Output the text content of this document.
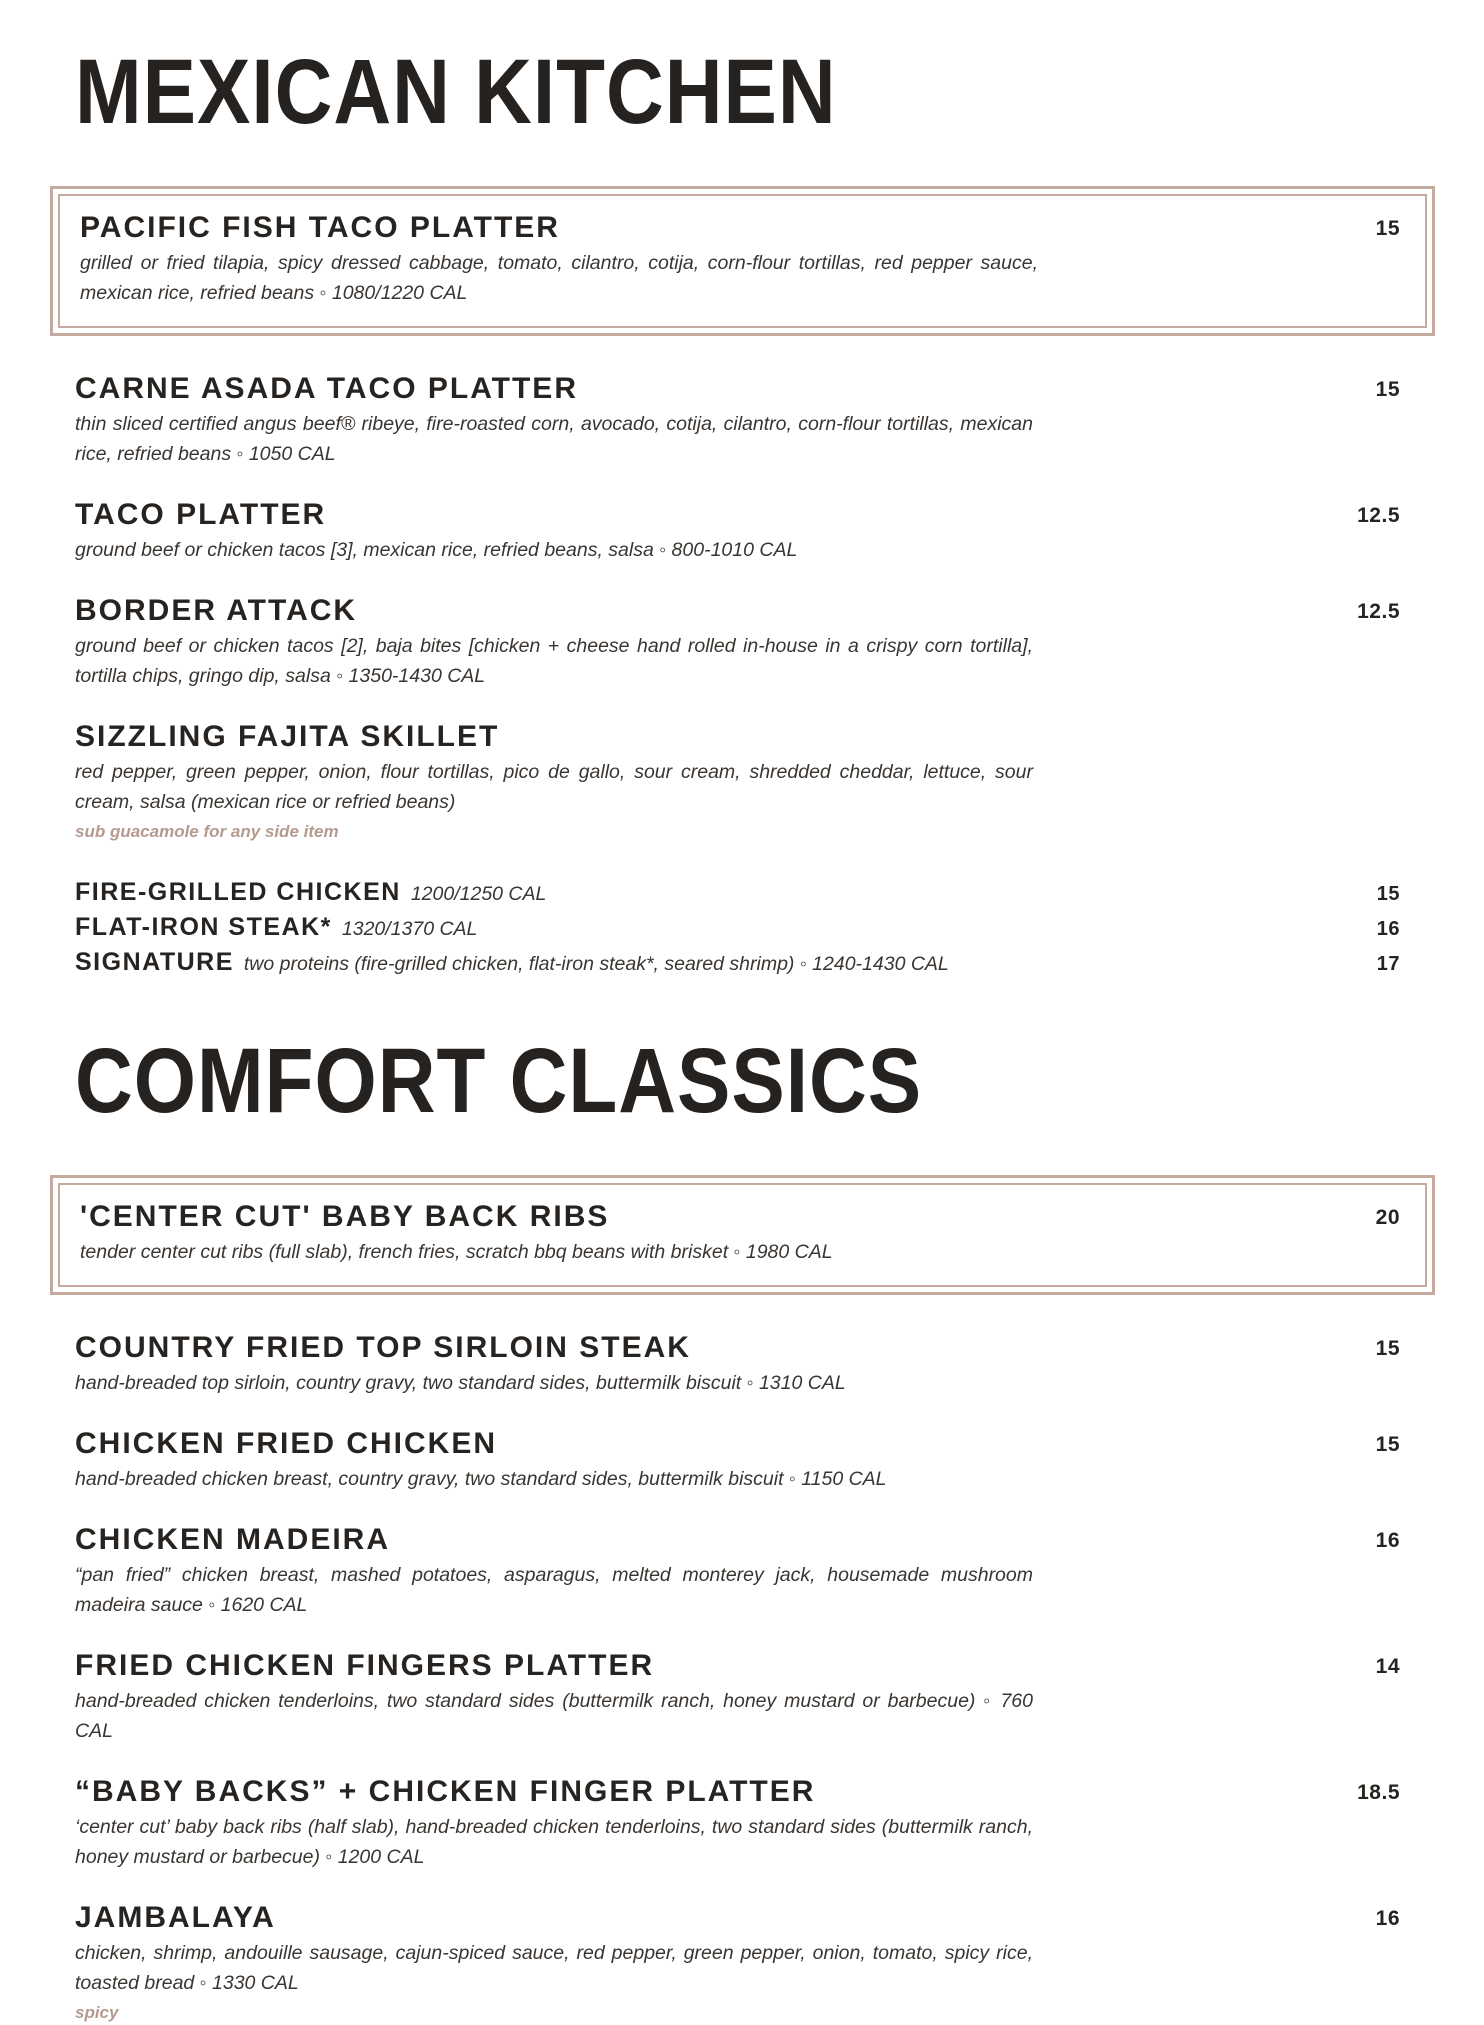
MEXICAN KITCHEN
PACIFIC FISH TACO PLATTER	15
grilled or fried tilapia, spicy dressed cabbage, tomato, cilantro, cotija, corn-flour tortillas, red pepper sauce, mexican rice, refried beans ◦ 1080/1220 CAL
CARNE ASADA TACO PLATTER	15
thin sliced certified angus beef® ribeye, fire-roasted corn, avocado, cotija, cilantro, corn-flour tortillas, mexican rice, refried beans ◦ 1050 CAL
TACO PLATTER	12.5
ground beef or chicken tacos [3], mexican rice, refried beans, salsa ◦ 800-1010 CAL
BORDER ATTACK	12.5
ground beef or chicken tacos [2], baja bites [chicken + cheese hand rolled in-house in a crispy corn tortilla], tortilla chips, gringo dip, salsa ◦ 1350-1430 CAL
SIZZLING FAJITA SKILLET
red pepper, green pepper, onion, flour tortillas, pico de gallo, sour cream, shredded cheddar, lettuce, sour cream, salsa (mexican rice or refried beans)
sub guacamole for any side item
FIRE-GRILLED CHICKEN 1200/1250 CAL	15
FLAT-IRON STEAK* 1320/1370 CAL	16
SIGNATURE two proteins (fire-grilled chicken, flat-iron steak*, seared shrimp) ◦ 1240-1430 CAL	17
COMFORT CLASSICS
'CENTER CUT' BABY BACK RIBS	20
tender center cut ribs (full slab), french fries, scratch bbq beans with brisket ◦ 1980 CAL
COUNTRY FRIED TOP SIRLOIN STEAK	15
hand-breaded top sirloin, country gravy, two standard sides, buttermilk biscuit ◦ 1310 CAL
CHICKEN FRIED CHICKEN	15
hand-breaded chicken breast, country gravy, two standard sides, buttermilk biscuit ◦ 1150 CAL
CHICKEN MADEIRA	16
“pan fried” chicken breast, mashed potatoes, asparagus, melted monterey jack, housemade mushroom madeira sauce ◦ 1620 CAL
FRIED CHICKEN FINGERS PLATTER	14
hand-breaded chicken tenderloins, two standard sides (buttermilk ranch, honey mustard or barbecue) ◦ 760 CAL
“BABY BACKS” + CHICKEN FINGER PLATTER	18.5
‘center cut’ baby back ribs (half slab), hand-breaded chicken tenderloins, two standard sides (buttermilk ranch, honey mustard or barbecue) ◦ 1200 CAL
JAMBALAYA	16
chicken, shrimp, andouille sausage, cajun-spiced sauce, red pepper, green pepper, onion, tomato, spicy rice, toasted bread ◦ 1330 CAL
spicy
